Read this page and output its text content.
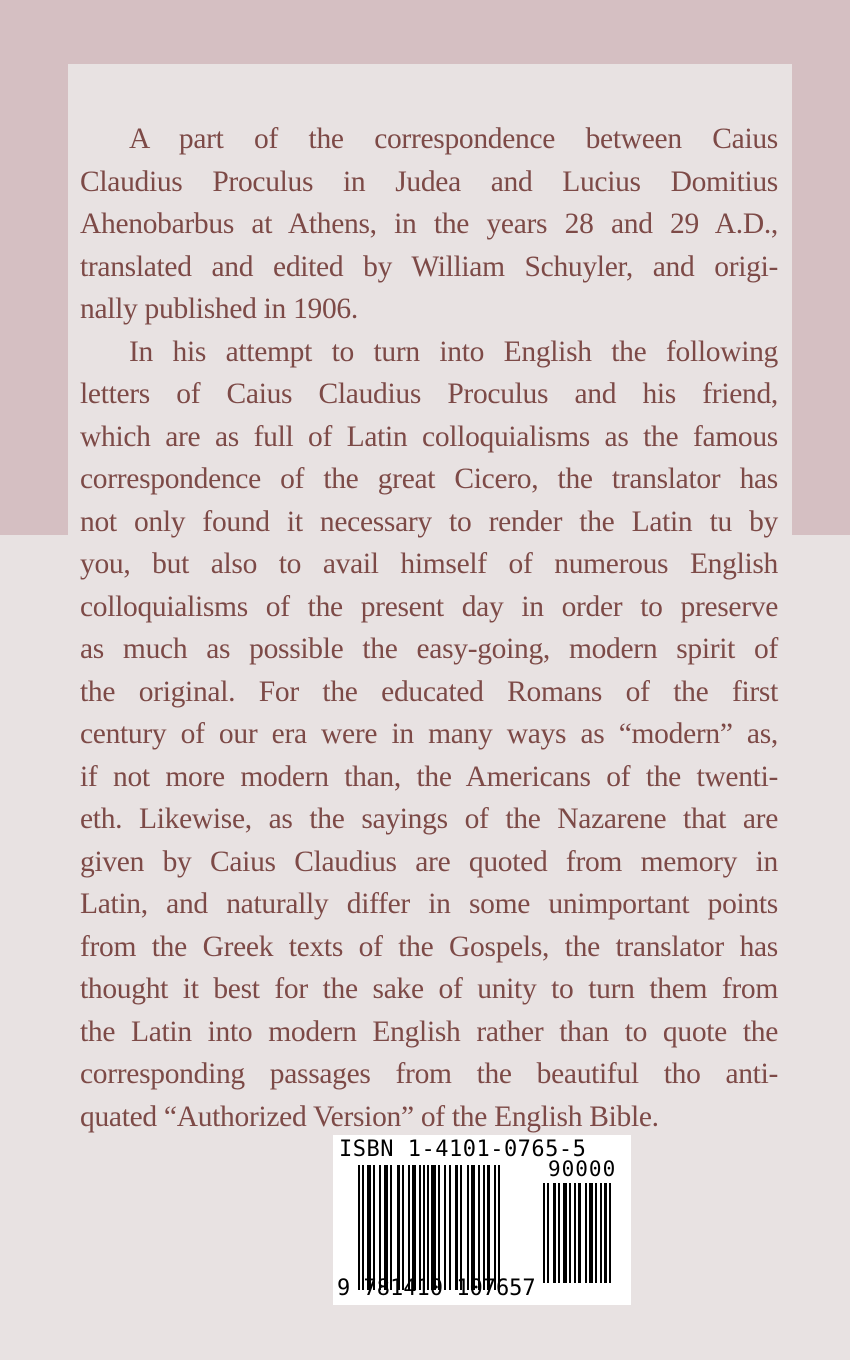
A part of the correspondence between Caius
Claudius Proculus in Judea and Lucius Domitius
Ahenobarbus at Athens, in the years 28 and 29 A.D.,
translated and edited by William Schuyler, and origi-
nally published in 1906.
In his attempt to turn into English the following
letters of Caius Claudius Proculus and his friend,
which are as full of Latin colloquialisms as the famous
correspondence of the great Cicero, the translator has
not only found it necessary to render the Latin tu by
you, but also to avail himself of numerous English
colloquialisms of the present day in order to preserve
as much as possible the easy-going, modern spirit of
the original. For the educated Romans of the first
century of our era were in many ways as “modern” as,
if not more modern than, the Americans of the twenti-
eth. Likewise, as the sayings of the Nazarene that are
given by Caius Claudius are quoted from memory in
Latin, and naturally differ in some unimportant points
from the Greek texts of the Gospels, the translator has
thought it best for the sake of unity to turn them from
the Latin into modern English rather than to quote the
corresponding passages from the beautiful tho anti-
quated “Authorized Version” of the English Bible.
ISBN 1-4101-0765-5
90000
9 781410 107657
